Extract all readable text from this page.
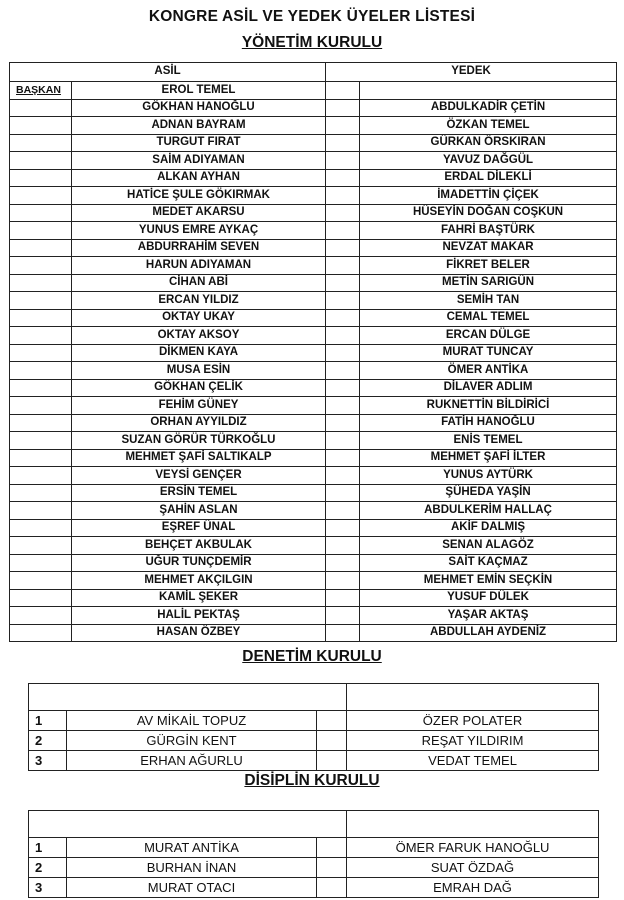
KONGRE ASİL VE YEDEK ÜYELER LİSTESİ
YÖNETİM KURULU
ASİL		YEDEK	
BAŞKAN	EROL TEMEL		
	GÖKHAN HANOĞLU		ABDULKADİR ÇETİN
	ADNAN BAYRAM		ÖZKAN TEMEL
	TURGUT FIRAT		GÜRKAN ÖRSKIRAN
	SAİM ADIYAMAN		YAVUZ DAĞGÜL
	ALKAN AYHAN		ERDAL DİLEKLİ
	HATİCE ŞULE GÖKIRMAK		İMADETTİN ÇİÇEK
	MEDET AKARSU		HÜSEYİN DOĞAN COŞKUN
	YUNUS EMRE AYKAÇ		FAHRİ BAŞTÜRK
	ABDURRAHİM SEVEN		NEVZAT MAKAR
	HARUN ADIYAMAN		FİKRET BELER
	CİHAN ABİ		METİN SARIGÜN
	ERCAN YILDIZ		SEMİH TAN
	OKTAY UKAY		CEMAL TEMEL
	OKTAY AKSOY		ERCAN DÜLGE
	DİKMEN KAYA		MURAT TUNCAY
	MUSA ESİN		ÖMER ANTİKA
	GÖKHAN ÇELİK		DİLAVER ADLIM
	FEHİM GÜNEY		RUKNETTİN BİLDİRİCİ
	ORHAN AYYILDIZ		FATİH HANOĞLU
	SUZAN GÖRÜR TÜRKOĞLU		ENİS TEMEL
	MEHMET ŞAFİ SALTIKALP		MEHMET ŞAFİ İLTER
	VEYSİ GENÇER		YUNUS AYTÜRK
	ERSİN TEMEL		ŞÜHEDA YAŞİN
	ŞAHİN ASLAN		ABDULKERİM HALLAÇ
	EŞREF ÜNAL		AKİF DALMIŞ
	BEHÇET AKBULAK		SENAN ALAGÖZ
	UĞUR TUNÇDEMİR		SAİT KAÇMAZ
	MEHMET AKÇILGIN		MEHMET EMİN SEÇKİN
	KAMİL ŞEKER		YUSUF DÜLEK
	HALİL PEKTAŞ		YAŞAR AKTAŞ
	HASAN ÖZBEY		ABDULLAH AYDENİZ
DENETİM KURULU

1	AV MİKAİL TOPUZ		ÖZER POLATER
2	GÜRGİN KENT		REŞAT YILDIRIM
3	ERHAN AĞURLU		VEDAT TEMEL
DİSİPLİN KURULU

1	MURAT ANTİKA		ÖMER FARUK HANOĞLU
2	BURHAN İNAN		SUAT ÖZDAĞ
3	MURAT OTACI		EMRAH DAĞ
